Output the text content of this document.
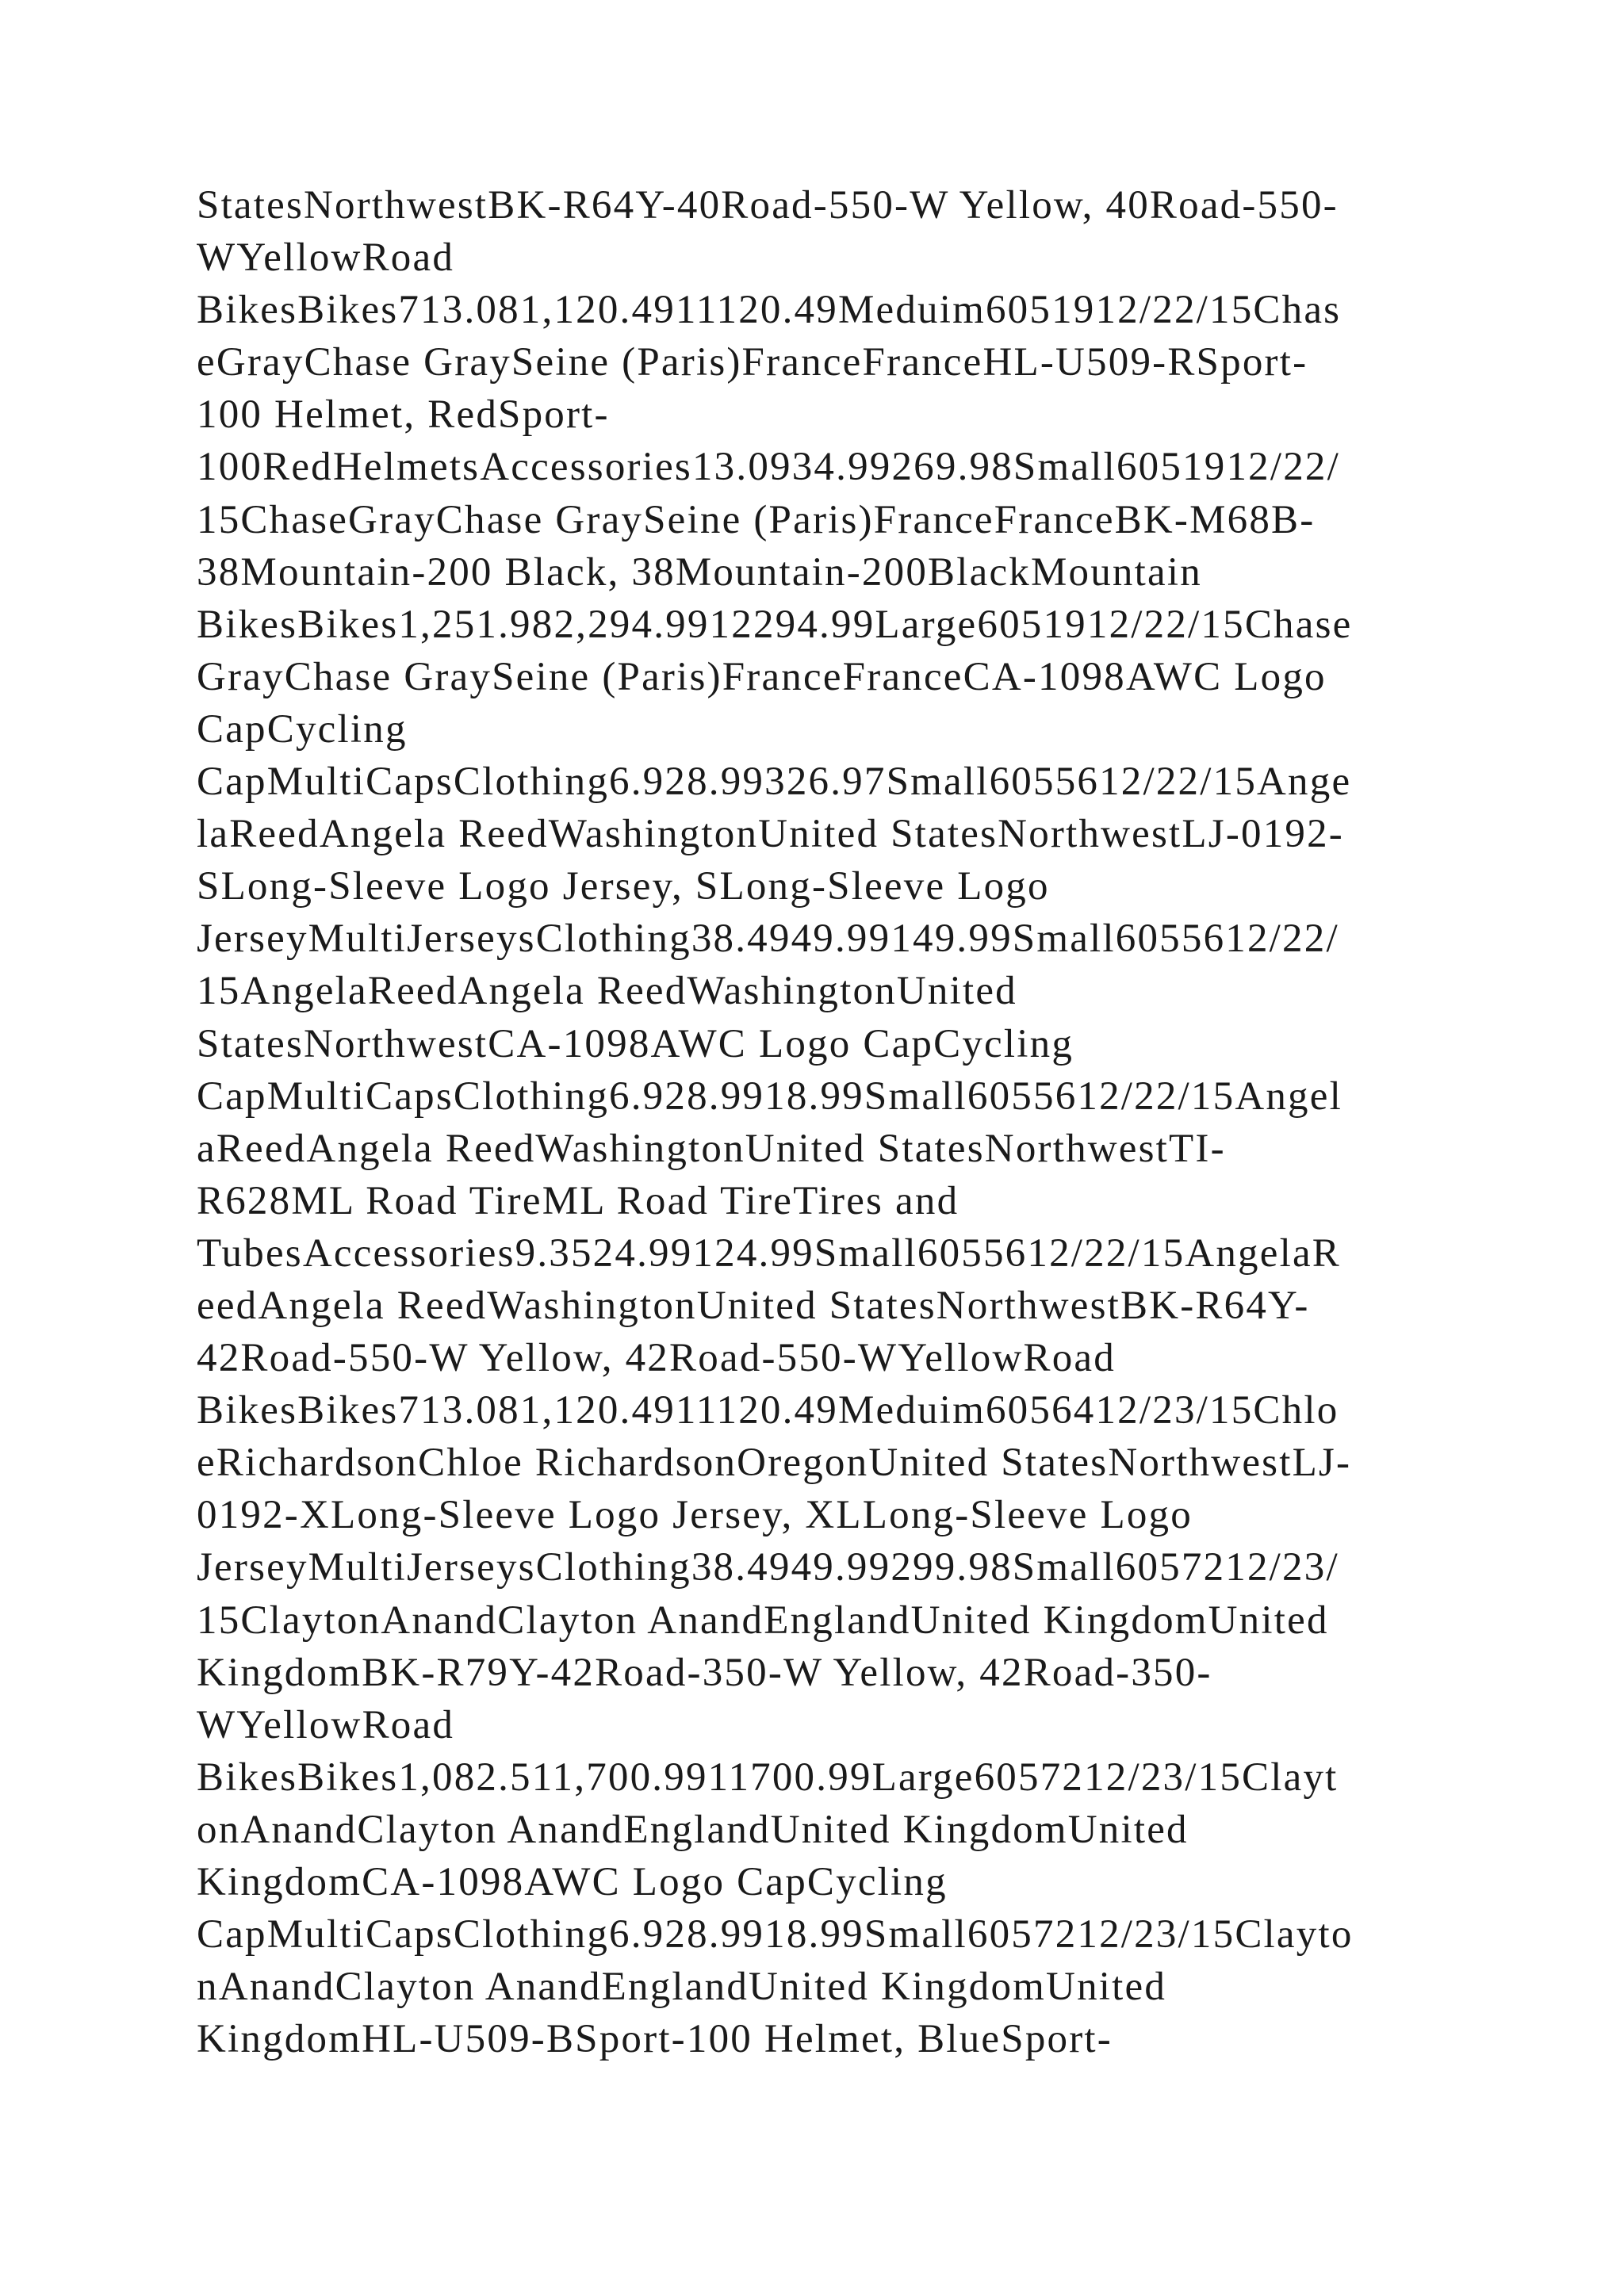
StatesNorthwestBK-R64Y-40Road-550-W Yellow, 40Road-550-
WYellowRoad
BikesBikes713.081,120.4911120.49Meduim6051912/22/15Chas
eGrayChase GraySeine (Paris)FranceFranceHL-U509-RSport-
100 Helmet, RedSport-
100RedHelmetsAccessories13.0934.99269.98Small6051912/22/
15ChaseGrayChase GraySeine (Paris)FranceFranceBK-M68B-
38Mountain-200 Black, 38Mountain-200BlackMountain
BikesBikes1,251.982,294.9912294.99Large6051912/22/15Chase
GrayChase GraySeine (Paris)FranceFranceCA-1098AWC Logo
CapCycling
CapMultiCapsClothing6.928.99326.97Small6055612/22/15Ange
laReedAngela ReedWashingtonUnited StatesNorthwestLJ-0192-
SLong-Sleeve Logo Jersey, SLong-Sleeve Logo
JerseyMultiJerseysClothing38.4949.99149.99Small6055612/22/
15AngelaReedAngela ReedWashingtonUnited
StatesNorthwestCA-1098AWC Logo CapCycling
CapMultiCapsClothing6.928.9918.99Small6055612/22/15Angel
aReedAngela ReedWashingtonUnited StatesNorthwestTI-
R628ML Road TireML Road TireTires and
TubesAccessories9.3524.99124.99Small6055612/22/15AngelaR
eedAngela ReedWashingtonUnited StatesNorthwestBK-R64Y-
42Road-550-W Yellow, 42Road-550-WYellowRoad
BikesBikes713.081,120.4911120.49Meduim6056412/23/15Chlo
eRichardsonChloe RichardsonOregonUnited StatesNorthwestLJ-
0192-XLong-Sleeve Logo Jersey, XLLong-Sleeve Logo
JerseyMultiJerseysClothing38.4949.99299.98Small6057212/23/
15ClaytonAnandClayton AnandEnglandUnited KingdomUnited
KingdomBK-R79Y-42Road-350-W Yellow, 42Road-350-
WYellowRoad
BikesBikes1,082.511,700.9911700.99Large6057212/23/15Clayt
onAnandClayton AnandEnglandUnited KingdomUnited
KingdomCA-1098AWC Logo CapCycling
CapMultiCapsClothing6.928.9918.99Small6057212/23/15Clayto
nAnandClayton AnandEnglandUnited KingdomUnited
KingdomHL-U509-BSport-100 Helmet, BlueSport-
